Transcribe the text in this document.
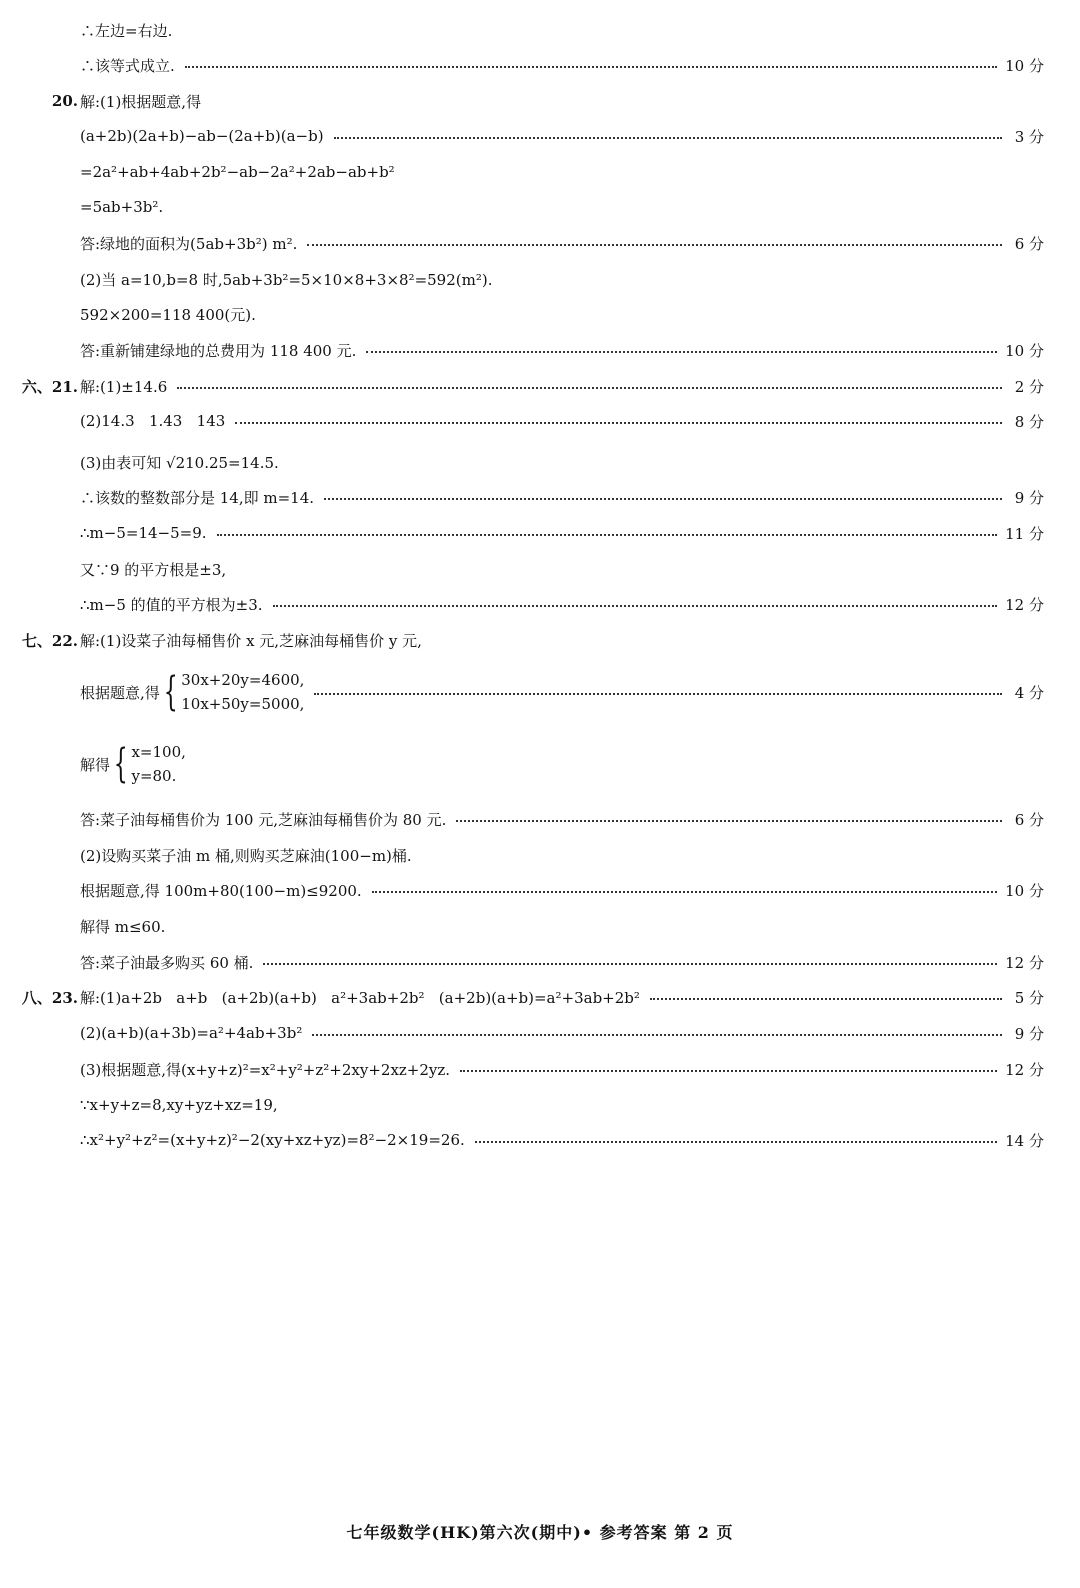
∴左边=右边.
∴该等式成立.	10 分
20. 解:(1)根据题意,得
(a+2b)(2a+b)−ab−(2a+b)(a−b)	3 分
=2a²+ab+4ab+2b²−ab−2a²+2ab−ab+b²
=5ab+3b².
答:绿地的面积为(5ab+3b²) m².	6 分
(2)当 a=10,b=8 时,5ab+3b²=5×10×8+3×8²=592(m²).
592×200=118 400(元).
答:重新铺建绿地的总费用为 118 400 元.	10 分
六、21. 解:(1)±14.6	2 分
(2)14.3   1.43   143	8 分
(3)由表可知 √210.25=14.5.
∴该数的整数部分是 14,即 m=14.	9 分
∴m−5=14−5=9.	11 分
又∵9 的平方根是±3,
∴m−5 的值的平方根为±3.	12 分
七、22. 解:(1)设菜子油每桶售价 x 元,芝麻油每桶售价 y 元,
根据题意,得 { 30x+20y=4600,
10x+50y=5000,
4 分
解得 { x=100,
y=80.
答:菜子油每桶售价为 100 元,芝麻油每桶售价为 80 元.	6 分
(2)设购买菜子油 m 桶,则购买芝麻油(100−m)桶.
根据题意,得 100m+80(100−m)≤9200.	10 分
解得 m≤60.
答:菜子油最多购买 60 桶.	12 分
八、23. 解:(1)a+2b   a+b   (a+2b)(a+b)   a²+3ab+2b²   (a+2b)(a+b)=a²+3ab+2b²	5 分
(2)(a+b)(a+3b)=a²+4ab+3b²	9 分
(3)根据题意,得(x+y+z)²=x²+y²+z²+2xy+2xz+2yz.	12 分
∵x+y+z=8,xy+yz+xz=19,
∴x²+y²+z²=(x+y+z)²−2(xy+xz+yz)=8²−2×19=26.	14 分
七年级数学(HK)第六次(期中)• 参考答案 第 2 页
